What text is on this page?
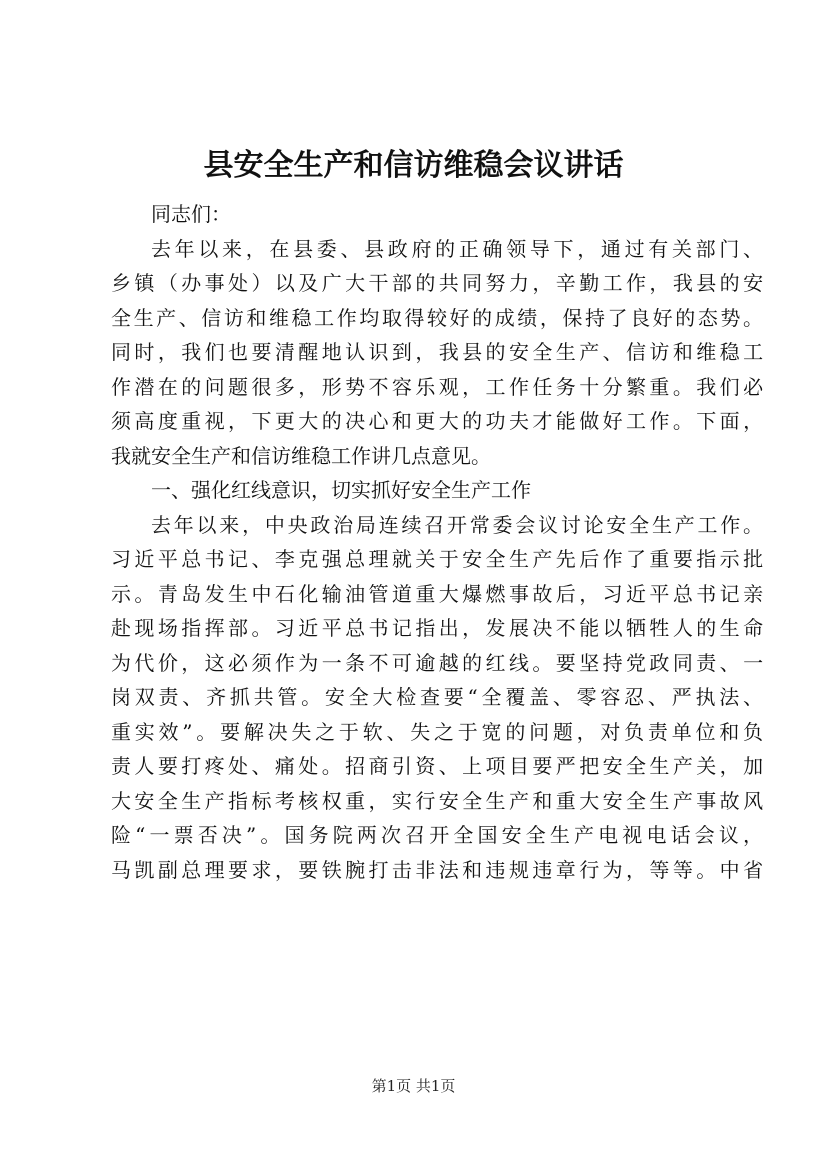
县安全生产和信访维稳会议讲话
同志们：
去年以来，在县委、县政府的正确领导下，通过有关部门、
乡镇（办事处）以及广大干部的共同努力，辛勤工作，我县的安
全生产、信访和维稳工作均取得较好的成绩，保持了良好的态势。
同时，我们也要清醒地认识到，我县的安全生产、信访和维稳工
作潜在的问题很多，形势不容乐观，工作任务十分繁重。我们必
须高度重视，下更大的决心和更大的功夫才能做好工作。下面，
我就安全生产和信访维稳工作讲几点意见。
一、强化红线意识，切实抓好安全生产工作
去年以来，中央政治局连续召开常委会议讨论安全生产工作。
习近平总书记、李克强总理就关于安全生产先后作了重要指示批
示。青岛发生中石化输油管道重大爆燃事故后，习近平总书记亲
赴现场指挥部。习近平总书记指出，发展决不能以牺牲人的生命
为代价，这必须作为一条不可逾越的红线。要坚持党政同责、一
岗双责、齐抓共管。安全大检查要“全覆盖、零容忍、严执法、
重实效”。要解决失之于软、失之于宽的问题，对负责单位和负
责人要打疼处、痛处。招商引资、上项目要严把安全生产关，加
大安全生产指标考核权重，实行安全生产和重大安全生产事故风
险“一票否决”。国务院两次召开全国安全生产电视电话会议，
马凯副总理要求，要铁腕打击非法和违规违章行为，等等。中省
第1页 共1页
